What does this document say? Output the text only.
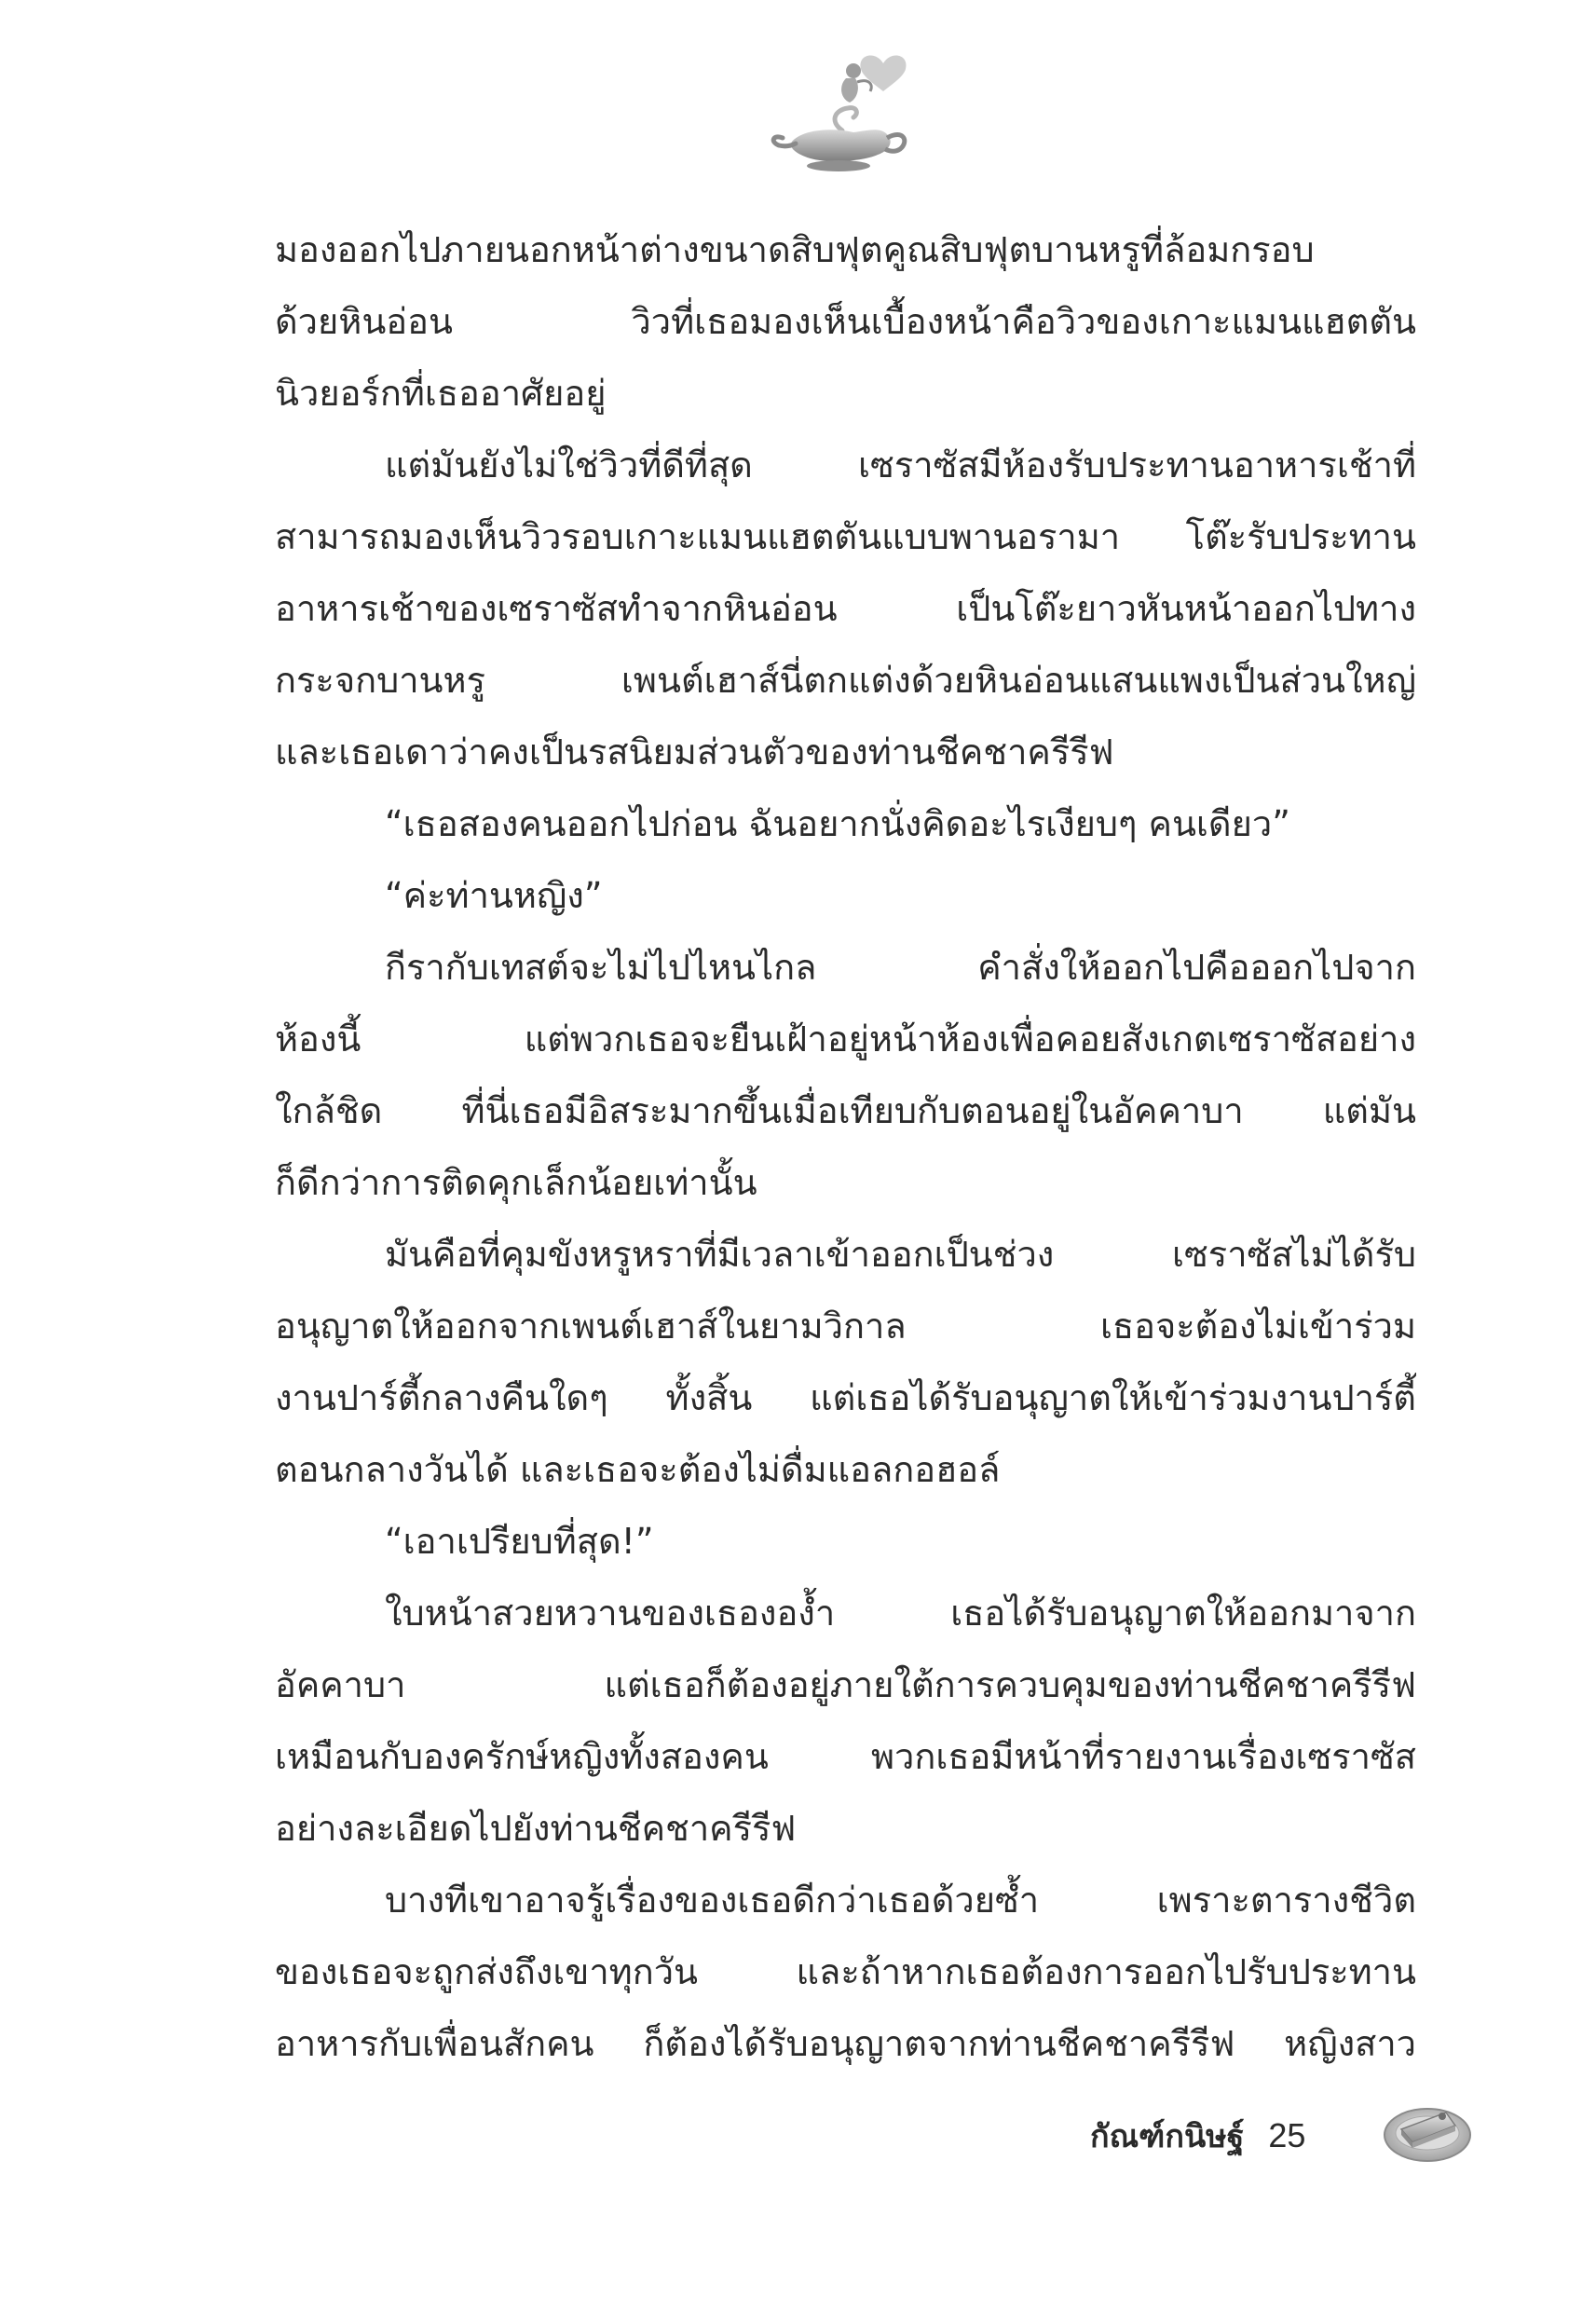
มองออกไปภายนอกหน้าต่างขนาดสิบฟุตคูณสิบฟุตบานหรูที่ล้อมกรอบ
ด้วยหินอ่อน วิวที่เธอมองเห็นเบื้องหน้าคือวิวของเกาะแมนแฮตตัน
นิวยอร์กที่เธออาศัยอยู่
แต่มันยังไม่ใช่วิวที่ดีที่สุด เซราซัสมีห้องรับประทานอาหารเช้าที่
สามารถมองเห็นวิวรอบเกาะแมนแฮตตันแบบพานอรามา โต๊ะรับประทาน
อาหารเช้าของเซราซัสทำจากหินอ่อน เป็นโต๊ะยาวหันหน้าออกไปทาง
กระจกบานหรู เพนต์เฮาส์นี่ตกแต่งด้วยหินอ่อนแสนแพงเป็นส่วนใหญ่
และเธอเดาว่าคงเป็นรสนิยมส่วนตัวของท่านชีคชาครีรีฟ
“เธอสองคนออกไปก่อน ฉันอยากนั่งคิดอะไรเงียบๆ คนเดียว”
“ค่ะท่านหญิง”
กีรากับเทสต์จะไม่ไปไหนไกล คำสั่งให้ออกไปคือออกไปจาก
ห้องนี้ แต่พวกเธอจะยืนเฝ้าอยู่หน้าห้องเพื่อคอยสังเกตเซราซัสอย่าง
ใกล้ชิด ที่นี่เธอมีอิสระมากขึ้นเมื่อเทียบกับตอนอยู่ในอัคคาบา แต่มัน
ก็ดีกว่าการติดคุกเล็กน้อยเท่านั้น
มันคือที่คุมขังหรูหราที่มีเวลาเข้าออกเป็นช่วง เซราซัสไม่ได้รับ
อนุญาตให้ออกจากเพนต์เฮาส์ในยามวิกาล เธอจะต้องไม่เข้าร่วม
งานปาร์ตี้กลางคืนใดๆ ทั้งสิ้น แต่เธอได้รับอนุญาตให้เข้าร่วมงานปาร์ตี้
ตอนกลางวันได้ และเธอจะต้องไม่ดื่มแอลกอฮอล์
“เอาเปรียบที่สุด!”
ใบหน้าสวยหวานของเธององ้ำ เธอได้รับอนุญาตให้ออกมาจาก
อัคคาบา แต่เธอก็ต้องอยู่ภายใต้การควบคุมของท่านชีคชาครีรีฟ
เหมือนกับองครักษ์หญิงทั้งสองคน พวกเธอมีหน้าที่รายงานเรื่องเซราซัส
อย่างละเอียดไปยังท่านชีคชาครีรีฟ
บางทีเขาอาจรู้เรื่องของเธอดีกว่าเธอด้วยซ้ำ เพราะตารางชีวิต
ของเธอจะถูกส่งถึงเขาทุกวัน และถ้าหากเธอต้องการออกไปรับประทาน
อาหารกับเพื่อนสักคน ก็ต้องได้รับอนุญาตจากท่านชีคชาครีรีฟ หญิงสาว
กัณฑ์กนิษฐ์ 25
